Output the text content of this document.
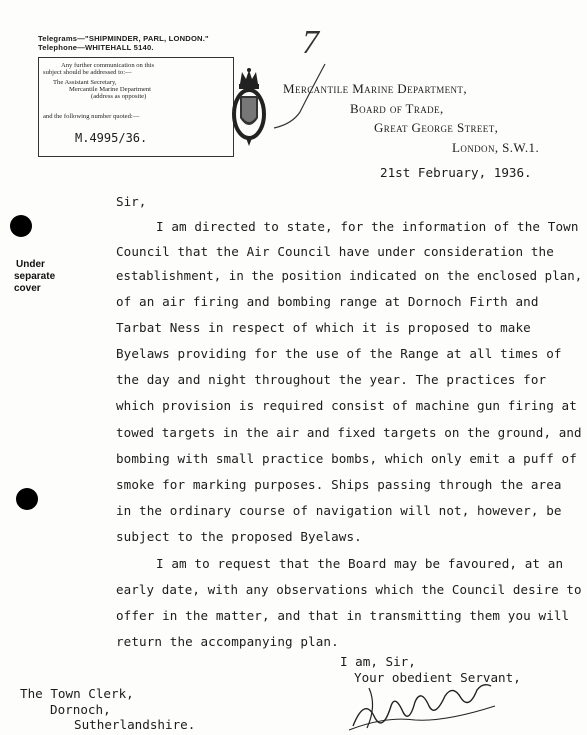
Telegrams—"SHIPMINDER, PARL, LONDON."
Telephone—WHITEHALL 5140.
Any further communication on this
subject should be addressed to:—
The Assistant Secretary,
Mercantile Marine Department
(address as opposite)
and the following number quoted:—
M.4995/36.
7
Mercantile Marine Department,
Board of Trade,
Great George Street,
London, S.W.1.
21st February, 1936.
Sir,
Under
separate
cover
I am directed to state, for the information of the Town
Council that the Air Council have under consideration the
establishment, in the position indicated on the enclosed plan,
of an air firing and bombing range at Dornoch Firth and
Tarbat Ness in respect of which it is proposed to make
Byelaws providing for the use of the Range at all times of
the day and night throughout the year. The practices for
which provision is required consist of machine gun firing at
towed targets in the air and fixed targets on the ground, and
bombing with small practice bombs, which only emit a puff of
smoke for marking purposes. Ships passing through the area
in the ordinary course of navigation will not, however, be
subject to the proposed Byelaws.
I am to request that the Board may be favoured, at an
early date, with any observations which the Council desire to
offer in the matter, and that in transmitting them you will
return the accompanying plan.
I am, Sir,
Your obedient Servant,
The Town Clerk,
Dornoch,
Sutherlandshire.
